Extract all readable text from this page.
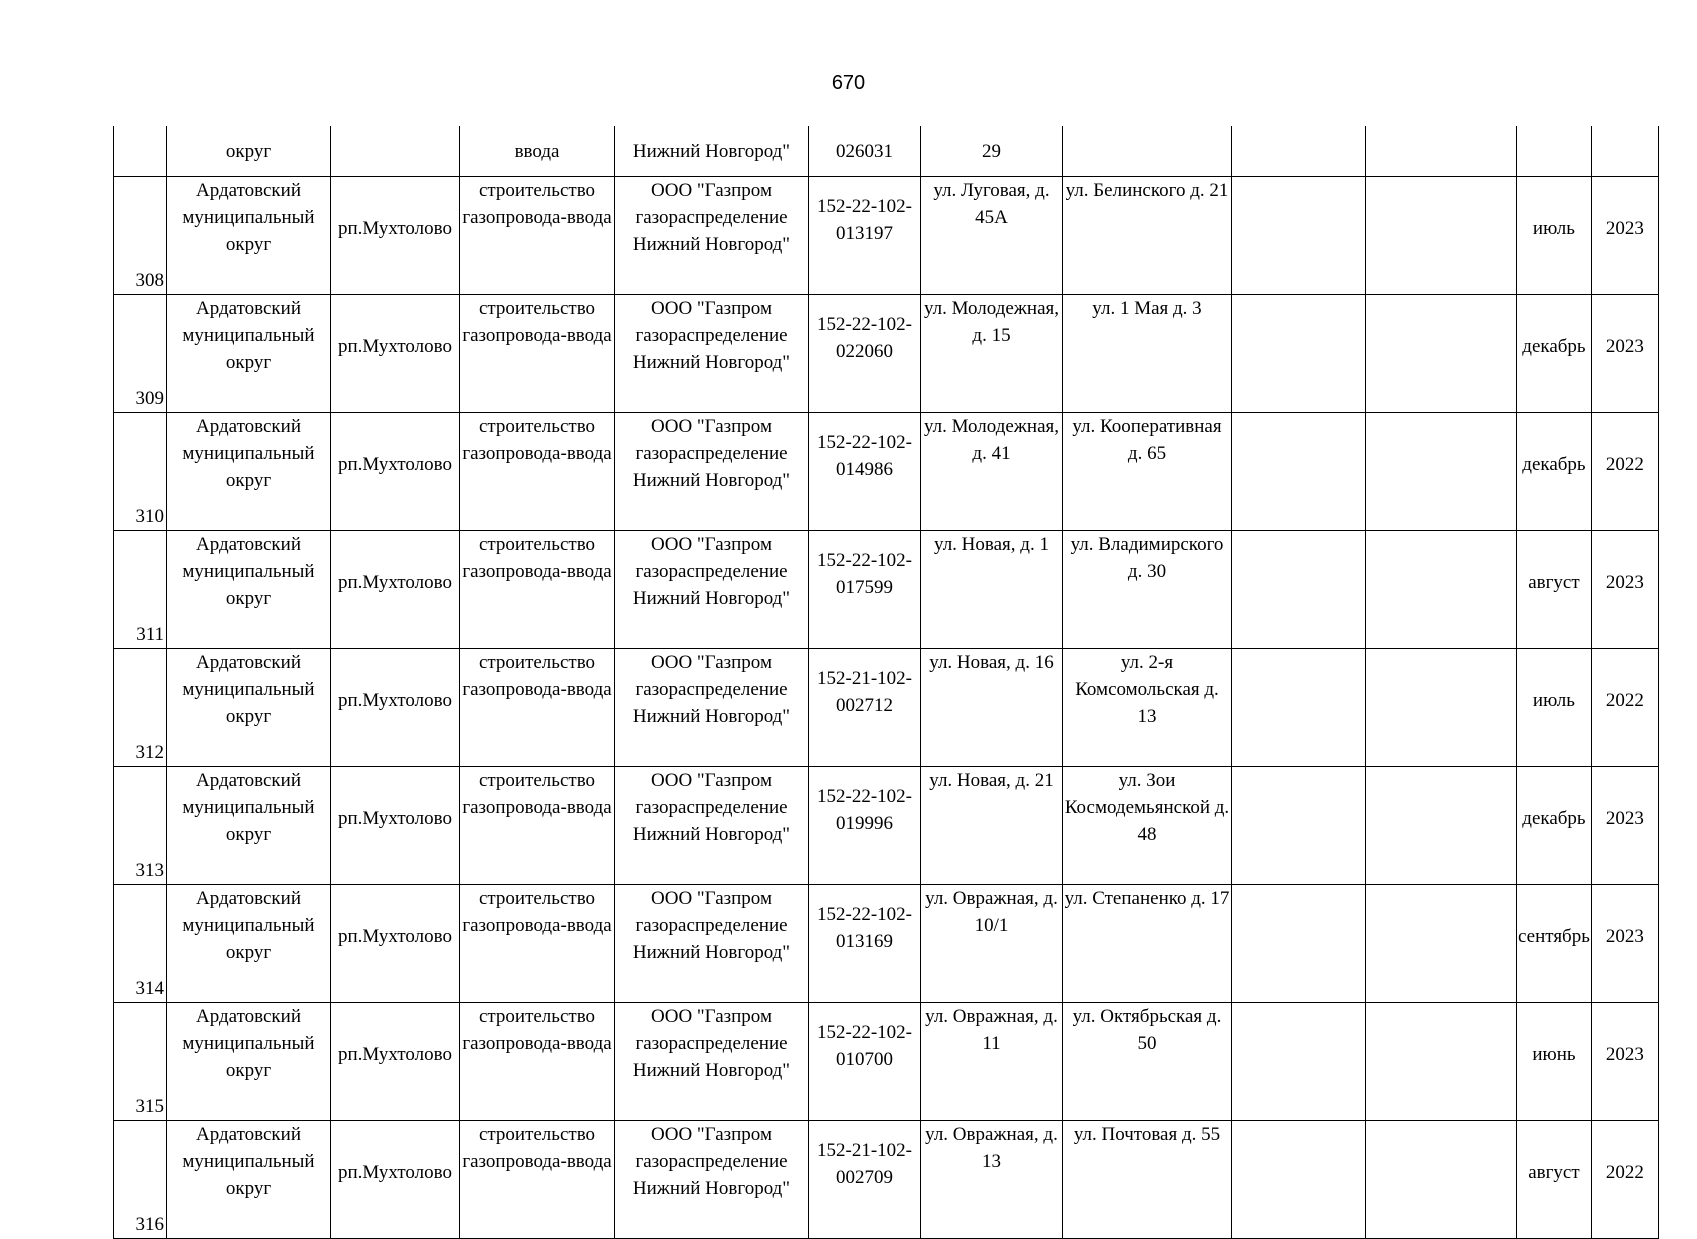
670
	округ		ввода	Нижний Новгород"	026031	29					
308	Ардатовский муниципальный округ	рп.Мухтолово	строительство газопровода-ввода	ООО "Газпром газораспределение Нижний Новгород"	152-22-102-013197	ул. Луговая, д. 45А	ул. Белинского д. 21			июль	2023
309	Ардатовский муниципальный округ	рп.Мухтолово	строительство газопровода-ввода	ООО "Газпром газораспределение Нижний Новгород"	152-22-102-022060	ул. Молодежная, д. 15	ул. 1 Мая д. 3			декабрь	2023
310	Ардатовский муниципальный округ	рп.Мухтолово	строительство газопровода-ввода	ООО "Газпром газораспределение Нижний Новгород"	152-22-102-014986	ул. Молодежная, д. 41	ул. Кооперативная д. 65			декабрь	2022
311	Ардатовский муниципальный округ	рп.Мухтолово	строительство газопровода-ввода	ООО "Газпром газораспределение Нижний Новгород"	152-22-102-017599	ул. Новая, д. 1	ул. Владимирского д. 30			август	2023
312	Ардатовский муниципальный округ	рп.Мухтолово	строительство газопровода-ввода	ООО "Газпром газораспределение Нижний Новгород"	152-21-102-002712	ул. Новая, д. 16	ул. 2-я Комсомольская д. 13			июль	2022
313	Ардатовский муниципальный округ	рп.Мухтолово	строительство газопровода-ввода	ООО "Газпром газораспределение Нижний Новгород"	152-22-102-019996	ул. Новая, д. 21	ул. Зои Космодемьянской д. 48			декабрь	2023
314	Ардатовский муниципальный округ	рп.Мухтолово	строительство газопровода-ввода	ООО "Газпром газораспределение Нижний Новгород"	152-22-102-013169	ул. Овражная, д. 10/1	ул. Степаненко д. 17			сентябрь	2023
315	Ардатовский муниципальный округ	рп.Мухтолово	строительство газопровода-ввода	ООО "Газпром газораспределение Нижний Новгород"	152-22-102-010700	ул. Овражная, д. 11	ул. Октябрьская д. 50			июнь	2023
316	Ардатовский муниципальный округ	рп.Мухтолово	строительство газопровода-ввода	ООО "Газпром газораспределение Нижний Новгород"	152-21-102-002709	ул. Овражная, д. 13	ул. Почтовая д. 55			август	2022
